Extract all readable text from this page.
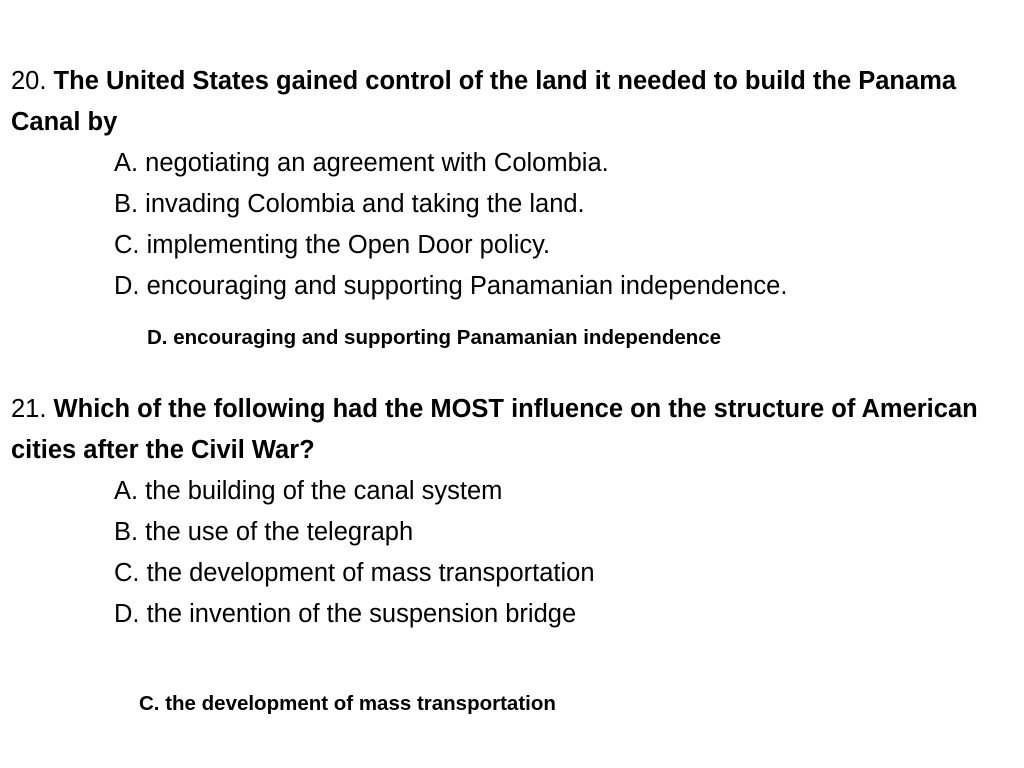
20. The United States gained control of the land it needed to build the Panama Canal by
A. negotiating an agreement with Colombia.
B. invading Colombia and taking the land.
C. implementing the Open Door policy.
D. encouraging and supporting Panamanian independence.
D. encouraging and supporting Panamanian independence
21. Which of the following had the MOST influence on the structure of American cities after the Civil War?
A. the building of the canal system
B. the use of the telegraph
C. the development of mass transportation
D. the invention of the suspension bridge
C. the development of mass transportation
